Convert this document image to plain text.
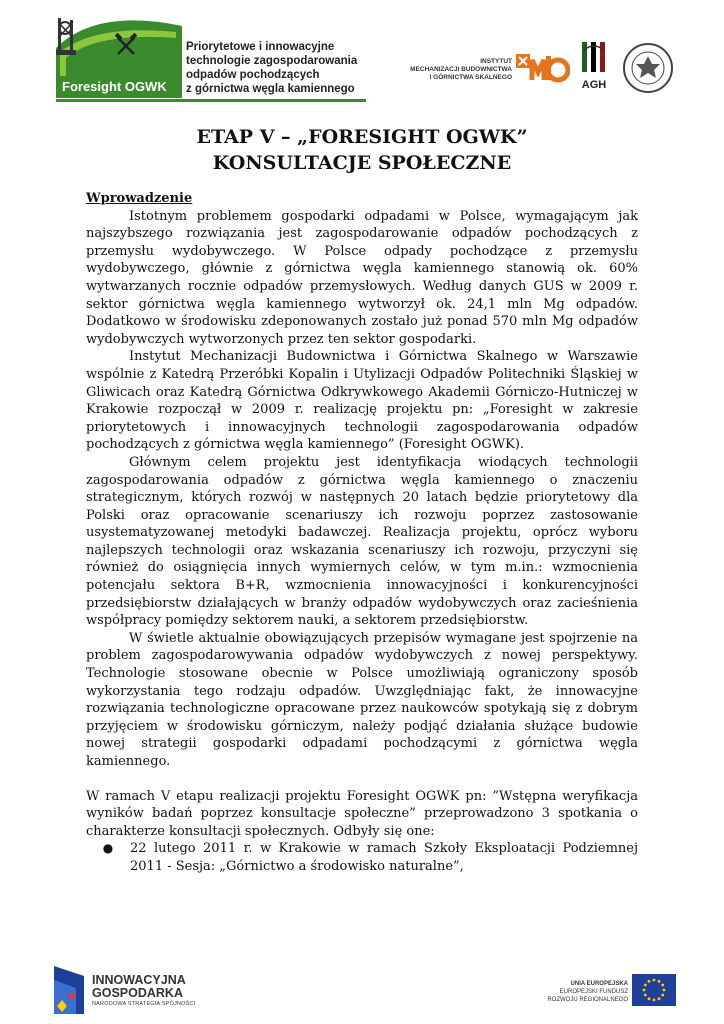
Foresight OGWK
Priorytetowe i innowacyjne
technologie zagospodarowania
odpadów pochodzących
z górnictwa węgla kamiennego
INSTYTUT
MECHANIZACJI BUDOWNICTWA
I GÓRNICTWA SKALNEGO
AGH
ETAP V – „FORESIGHT OGWK”
KONSULTACJE SPOŁECZNE

Wprowadzenie

Istotnym problemem gospodarki odpadami w Polsce, wymagającym jak najszybszego rozwiązania jest zagospodarowanie odpadów pochodzących z przemysłu wydobywczego. W Polsce odpady pochodzące z przemysłu wydobywczego, głównie z górnictwa węgla kamiennego stanowią ok. 60% wytwarzanych rocznie odpadów przemysłowych. Według danych GUS w 2009 r. sektor górnictwa węgla kamiennego wytworzył ok. 24,1 mln Mg odpadów. Dodatkowo w środowisku zdeponowanych zostało już ponad 570 mln Mg odpadów wydobywczych wytworzonych przez ten sektor gospodarki.

Instytut Mechanizacji Budownictwa i Górnictwa Skalnego w Warszawie wspólnie z Katedrą Przeróbki Kopalin i Utylizacji Odpadów Politechniki Śląskiej w Gliwicach oraz Katedrą Górnictwa Odkrywkowego Akademii Górniczo-Hutniczej w Krakowie rozpoczął w 2009 r. realizację projektu pn: „Foresight w zakresie priorytetowych i innowacyjnych technologii zagospodarowania odpadów pochodzących z górnictwa węgla kamiennego” (Foresight OGWK).

Głównym celem projektu jest identyfikacja wiodących technologii zagospodarowania odpadów z górnictwa węgla kamiennego o znaczeniu strategicznym, których rozwój w następnych 20 latach będzie priorytetowy dla Polski oraz opracowanie scenariuszy ich rozwoju poprzez zastosowanie usystematyzowanej metodyki badawczej. Realizacja projektu, oprócz wyboru najlepszych technologii oraz wskazania scenariuszy ich rozwoju, przyczyni się również do osiągnięcia innych wymiernych celów, w tym m.in.: wzmocnienia potencjału sektora B+R, wzmocnienia innowacyjności i konkurencyjności przedsiębiorstw działających w branży odpadów wydobywczych oraz zacieśnienia współpracy pomiędzy sektorem nauki, a sektorem przedsiębiorstw.

W świetle aktualnie obowiązujących przepisów wymagane jest spojrzenie na problem zagospodarowywania odpadów wydobywczych z nowej perspektywy. Technologie stosowane obecnie w Polsce umożliwiają ograniczony sposób wykorzystania tego rodzaju odpadów. Uwzględniając fakt, że innowacyjne rozwiązania technologiczne opracowane przez naukowców spotykają się z dobrym przyjęciem w środowisku górniczym, należy podjąć działania służące budowie nowej strategii gospodarki odpadami pochodzącymi z górnictwa węgla kamiennego.

W ramach V etapu realizacji projektu Foresight OGWK pn: ”Wstępna weryfikacja wyników badań poprzez konsultacje społeczne” przeprowadzono 3 spotkania o charakterze konsultacji społecznych. Odbyły się one:

●	22 lutego 2011 r. w Krakowie w ramach Szkoły Eksploatacji Podziemnej 2011 - Sesja: „Górnictwo a środowisko naturalne”,
INNOWACYJNA
GOSPODARKA
NARODOWA STRATEGIA SPÓJNOŚCI
UNIA EUROPEJSKA
EUROPEJSKI FUNDUSZ
ROZWOJU REGIONALNEGO
